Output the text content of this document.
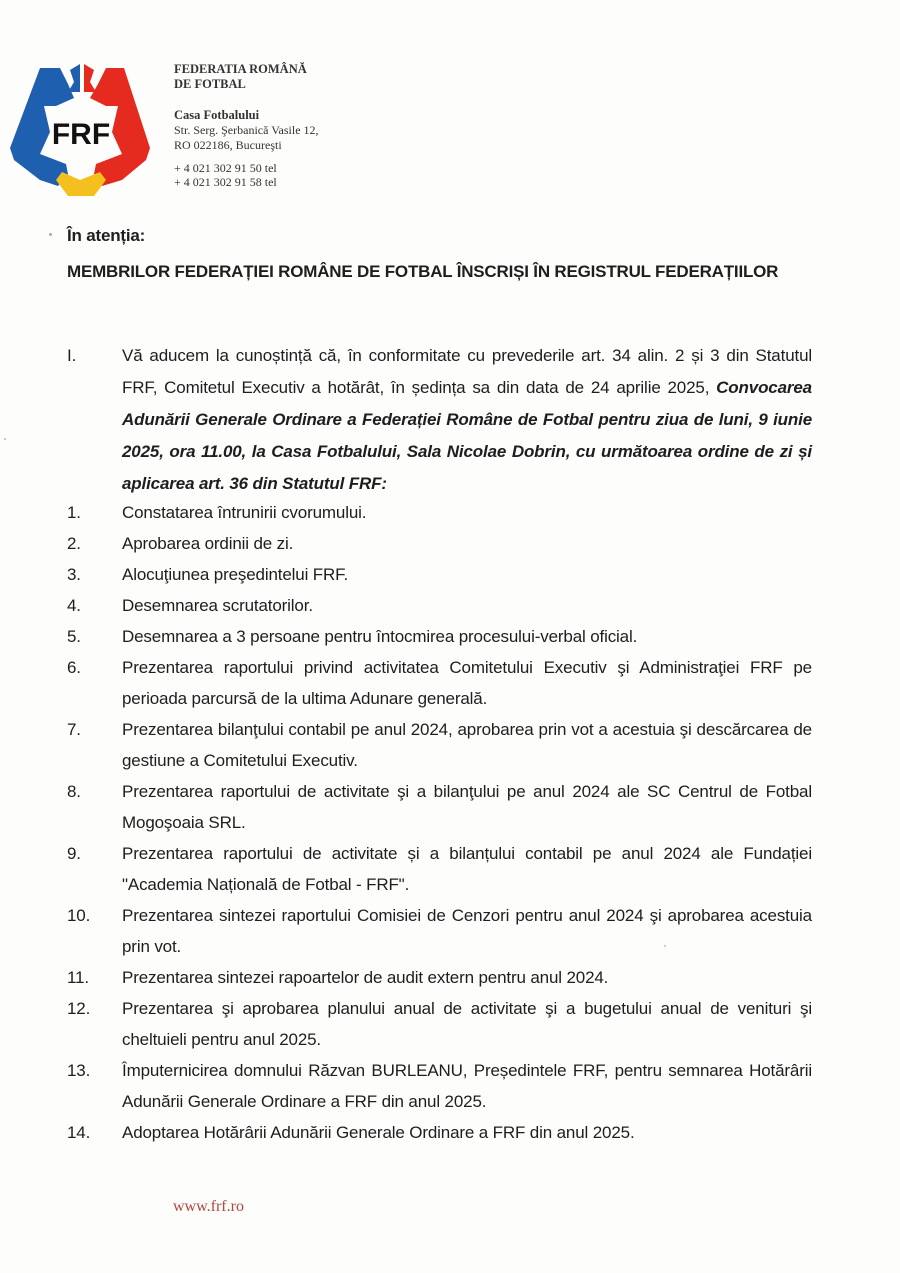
FRF
FEDERATIA ROMÂNĂ
DE FOTBAL
Casa Fotbalului
Str. Serg. Şerbanică Vasile 12,
RO 022186, Bucureşti
+ 4 021 302 91 50 tel
+ 4 021 302 91 58 tel
În atenția:
MEMBRILOR FEDERAȚIEI ROMÂNE DE FOTBAL ÎNSCRIȘI ÎN REGISTRUL FEDERAȚIILOR
I.	Vă aducem la cunoștință că, în conformitate cu prevederile art. 34 alin. 2 și 3 din Statutul FRF, Comitetul Executiv a hotărât, în ședința sa din data de 24 aprilie 2025, Convocarea Adunării Generale Ordinare a Federației Române de Fotbal pentru ziua de luni, 9 iunie 2025, ora 11.00, la Casa Fotbalului, Sala Nicolae Dobrin, cu următoarea ordine de zi și aplicarea art. 36 din Statutul FRF:
1. Constatarea întrunirii cvorumului.
2. Aprobarea ordinii de zi.
3. Alocuţiunea preşedintelui FRF.
4. Desemnarea scrutatorilor.
5. Desemnarea a 3 persoane pentru întocmirea procesului-verbal oficial.
6. Prezentarea raportului privind activitatea Comitetului Executiv şi Administraţiei FRF pe perioada parcursă de la ultima Adunare generală.
7. Prezentarea bilanţului contabil pe anul 2024, aprobarea prin vot a acestuia şi descărcarea de gestiune a Comitetului Executiv.
8. Prezentarea raportului de activitate şi a bilanţului pe anul 2024 ale SC Centrul de Fotbal Mogoşoaia SRL.
9. Prezentarea raportului de activitate și a bilanțului contabil pe anul 2024 ale Fundației "Academia Națională de Fotbal - FRF".
10. Prezentarea sintezei raportului Comisiei de Cenzori pentru anul 2024 şi aprobarea acestuia prin vot.
11. Prezentarea sintezei rapoartelor de audit extern pentru anul 2024.
12. Prezentarea şi aprobarea planului anual de activitate şi a bugetului anual de venituri şi cheltuieli pentru anul 2025.
13. Împuternicirea domnului Răzvan BURLEANU, Președintele FRF, pentru semnarea Hotărârii Adunării Generale Ordinare a FRF din anul 2025.
14. Adoptarea Hotărârii Adunării Generale Ordinare a FRF din anul 2025.
www.frf.ro
